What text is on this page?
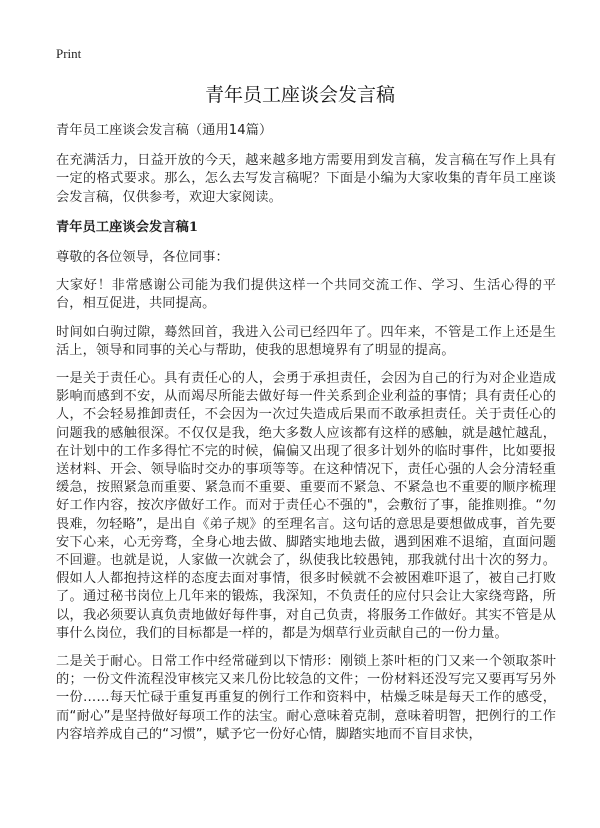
Print
青年员工座谈会发言稿

青年员工座谈会发言稿（通用14篇）

在充满活力，日益开放的今天，越来越多地方需要用到发言稿，发言稿在写作上具有一定的格式要求。那么，怎么去写发言稿呢？下面是小编为大家收集的青年员工座谈会发言稿，仅供参考，欢迎大家阅读。

青年员工座谈会发言稿1

尊敬的各位领导，各位同事：

大家好！非常感谢公司能为我们提供这样一个共同交流工作、学习、生活心得的平台，相互促进，共同提高。

时间如白驹过隙，蓦然回首，我进入公司已经四年了。四年来，不管是工作上还是生活上，领导和同事的关心与帮助，使我的思想境界有了明显的提高。

一是关于责任心。具有责任心的人，会勇于承担责任，会因为自己的行为对企业造成影响而感到不安，从而竭尽所能去做好每一件关系到企业利益的事情；具有责任心的人，不会轻易推卸责任，不会因为一次过失造成后果而不敢承担责任。关于责任心的问题我的感触很深。不仅仅是我，绝大多数人应该都有这样的感触，就是越忙越乱，在计划中的工作多得忙不完的时候，偏偏又出现了很多计划外的临时事件，比如要报送材料、开会、领导临时交办的事项等等。在这种情况下，责任心强的人会分清轻重缓急，按照紧急而重要、紧急而不重要、重要而不紧急、不紧急也不重要的顺序梳理好工作内容，按次序做好工作。而对于责任心不强的"，会敷衍了事，能推则推。“勿畏难，勿轻略”，是出自《弟子规》的至理名言。这句话的意思是要想做成事，首先要安下心来，心无旁骛，全身心地去做、脚踏实地地去做，遇到困难不退缩，直面问题不回避。也就是说，人家做一次就会了，纵使我比较愚钝，那我就付出十次的努力。假如人人都抱持这样的态度去面对事情，很多时候就不会被困难吓退了，被自己打败了。通过秘书岗位上几年来的锻炼，我深知，不负责任的应付只会让大家绕弯路，所以，我必须要认真负责地做好每件事，对自己负责，将服务工作做好。其实不管是从事什么岗位，我们的目标都是一样的，都是为烟草行业贡献自己的一份力量。

二是关于耐心。日常工作中经常碰到以下情形：刚锁上茶叶柜的门又来一个领取茶叶的；一份文件流程没审核完又来几份比较急的文件；一份材料还没写完又要再写另外一份……每天忙碌于重复再重复的例行工作和资料中，枯燥乏味是每天工作的感受，而“耐心”是坚持做好每项工作的法宝。耐心意味着克制，意味着明智，把例行的工作内容培养成自己的“习惯”，赋予它一份好心情，脚踏实地而不盲目求快，
